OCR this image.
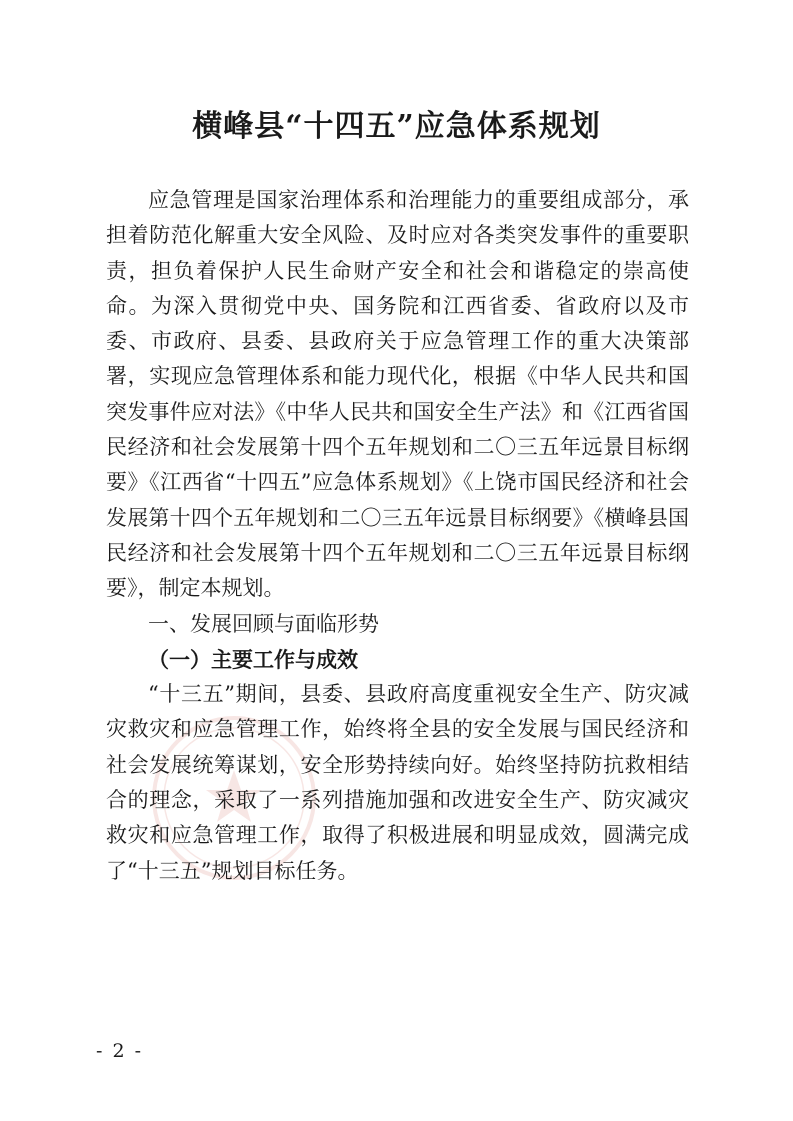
横峰县“十四五”应急体系规划

应急管理是国家治理体系和治理能力的重要组成部分，承担着防范化解重大安全风险、及时应对各类突发事件的重要职责，担负着保护人民生命财产安全和社会和谐稳定的崇高使命。为深入贯彻党中央、国务院和江西省委、省政府以及市委、市政府、县委、县政府关于应急管理工作的重大决策部署，实现应急管理体系和能力现代化，根据《中华人民共和国突发事件应对法》《中华人民共和国安全生产法》和《江西省国民经济和社会发展第十四个五年规划和二〇三五年远景目标纲要》《江西省“十四五”应急体系规划》《上饶市国民经济和社会发展第十四个五年规划和二〇三五年远景目标纲要》《横峰县国民经济和社会发展第十四个五年规划和二〇三五年远景目标纲要》，制定本规划。

一、发展回顾与面临形势

（一）主要工作与成效

“十三五”期间，县委、县政府高度重视安全生产、防灾减灾救灾和应急管理工作，始终将全县的安全发展与国民经济和社会发展统筹谋划，安全形势持续向好。始终坚持防抗救相结合的理念，采取了一系列措施加强和改进安全生产、防灾减灾救灾和应急管理工作，取得了积极进展和明显成效，圆满完成了“十三五”规划目标任务。

- 2 -
